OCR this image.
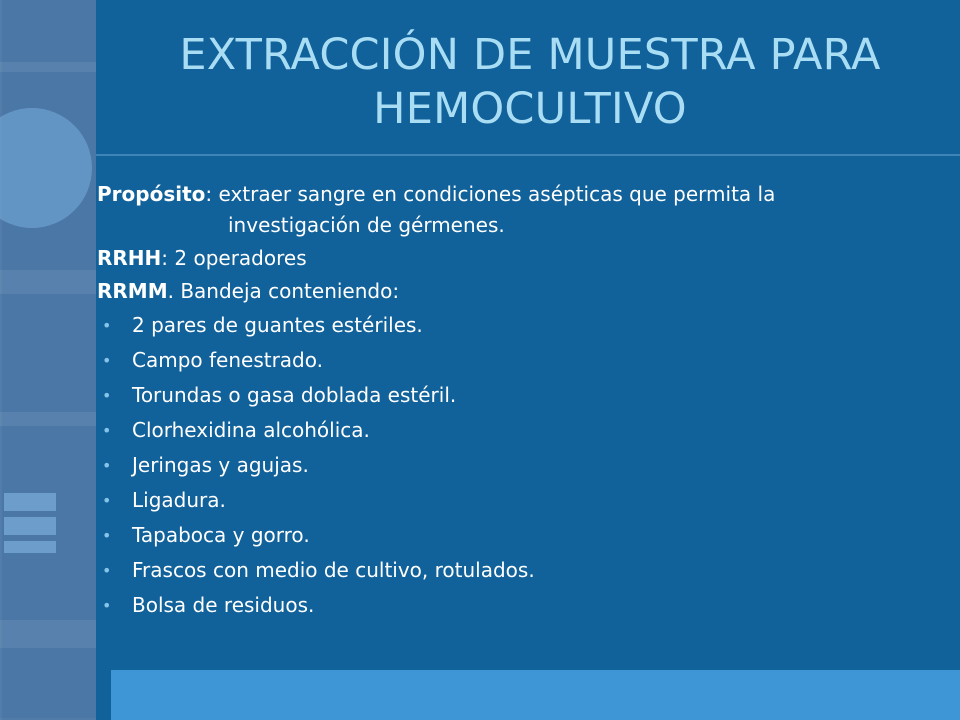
EXTRACCIÓN DE MUESTRA PARA HEMOCULTIVO

Propósito: extraer sangre en condiciones asépticas que permita la

investigación de gérmenes.

RRHH: 2 operadores

RRMM. Bandeja conteniendo:

• 2 pares de guantes estériles.
• Campo fenestrado.
• Torundas o gasa doblada estéril.
• Clorhexidina alcohólica.
• Jeringas y agujas.
• Ligadura.
• Tapaboca y gorro.
• Frascos con medio de cultivo, rotulados.
• Bolsa de residuos.
